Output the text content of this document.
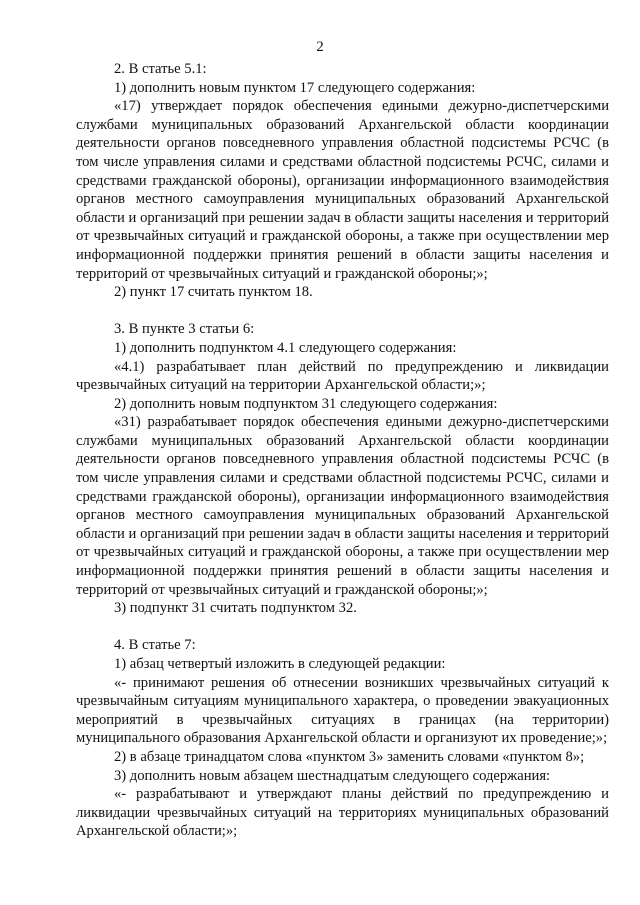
2

2. В статье 5.1:

1) дополнить новым пунктом 17 следующего содержания:

«17) утверждает порядок обеспечения едиными дежурно-диспетчерскими службами муниципальных образований Архангельской области координации деятельности органов повседневного управления областной подсистемы РСЧС (в том числе управления силами и средствами областной подсистемы РСЧС, силами и средствами гражданской обороны), организации информационного взаимодействия органов местного самоуправления муниципальных образований Архангельской области и организаций при решении задач в области защиты населения и территорий от чрезвычайных ситуаций и гражданской обороны, а также при осуществлении мер информационной поддержки принятия решений в области защиты населения и территорий от чрезвычайных ситуаций и гражданской обороны;»;

2) пункт 17 считать пунктом 18.

3. В пункте 3 статьи 6:

1) дополнить подпунктом 4.1 следующего содержания:

«4.1) разрабатывает план действий по предупреждению и ликвидации чрезвычайных ситуаций на территории Архангельской области;»;

2) дополнить новым подпунктом 31 следующего содержания:

«31) разрабатывает порядок обеспечения едиными дежурно-диспетчерскими службами муниципальных образований Архангельской области координации деятельности органов повседневного управления областной подсистемы РСЧС (в том числе управления силами и средствами областной подсистемы РСЧС, силами и средствами гражданской обороны), организации информационного взаимодействия органов местного самоуправления муниципальных образований Архангельской области и организаций при решении задач в области защиты населения и территорий от чрезвычайных ситуаций и гражданской обороны, а также при осуществлении мер информационной поддержки принятия решений в области защиты населения и территорий от чрезвычайных ситуаций и гражданской обороны;»;

3) подпункт 31 считать подпунктом 32.

4. В статье 7:

1) абзац четвертый изложить в следующей редакции:

«- принимают решения об отнесении возникших чрезвычайных ситуаций к чрезвычайным ситуациям муниципального характера, о проведении эвакуационных мероприятий в чрезвычайных ситуациях в границах (на территории) муниципального образования Архангельской области и организуют их проведение;»;

2) в абзаце тринадцатом слова «пунктом 3» заменить словами «пунктом 8»;

3) дополнить новым абзацем шестнадцатым следующего содержания:

«- разрабатывают и утверждают планы действий по предупреждению и ликвидации чрезвычайных ситуаций на территориях муниципальных образований Архангельской области;»;
